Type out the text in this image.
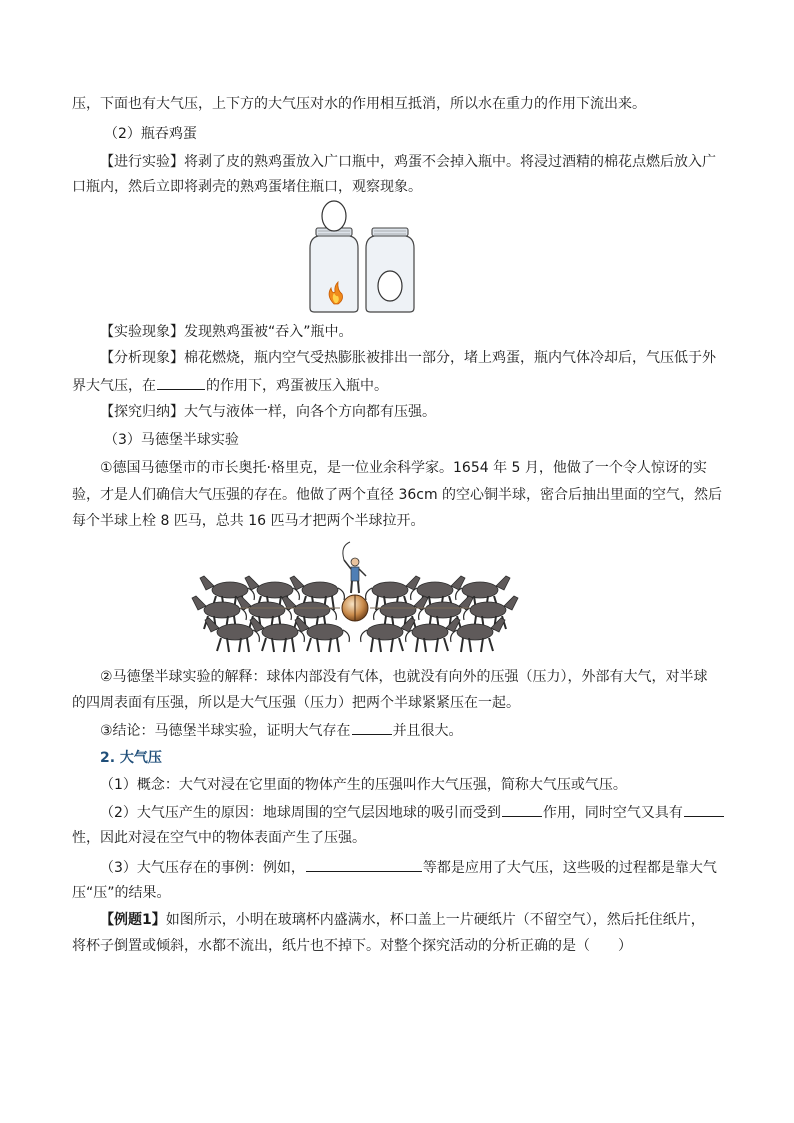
压，下面也有大气压，上下方的大气压对水的作用相互抵消，所以水在重力的作用下流出来。
（2）瓶吞鸡蛋
【进行实验】将剥了皮的熟鸡蛋放入广口瓶中，鸡蛋不会掉入瓶中。将浸过酒精的棉花点燃后放入广
口瓶内，然后立即将剥壳的熟鸡蛋堵住瓶口，观察现象。
【实验现象】发现熟鸡蛋被“吞入”瓶中。
【分析现象】棉花燃烧，瓶内空气受热膨胀被排出一部分，堵上鸡蛋，瓶内气体冷却后，气压低于外
界大气压，在	的作用下，鸡蛋被压入瓶中。
【探究归纳】大气与液体一样，向各个方向都有压强。
（3）马德堡半球实验
①德国马德堡市的市长奥托·格里克，是一位业余科学家。1654 年 5 月，他做了一个令人惊讶的实
验，才是人们确信大气压强的存在。他做了两个直径 36cm 的空心铜半球，密合后抽出里面的空气，然后
每个半球上栓 8 匹马，总共 16 匹马才把两个半球拉开。
②马德堡半球实验的解释：球体内部没有气体，也就没有向外的压强（压力），外部有大气，对半球
的四周表面有压强，所以是大气压强（压力）把两个半球紧紧压在一起。
③结论：马德堡半球实验，证明大气存在	并且很大。
2. 大气压
（1）概念：大气对浸在它里面的物体产生的压强叫作大气压强，简称大气压或气压。
（2）大气压产生的原因：地球周围的空气层因地球的吸引而受到	作用，同时空气又具有
性，因此对浸在空气中的物体表面产生了压强。
（3）大气压存在的事例：例如，	等都是应用了大气压，这些吸的过程都是靠大气
压“压”的结果。
【例题1】如图所示，小明在玻璃杯内盛满水，杯口盖上一片硬纸片（不留空气），然后托住纸片，
将杯子倒置或倾斜，水都不流出，纸片也不掉下。对整个探究活动的分析正确的是（　　）
